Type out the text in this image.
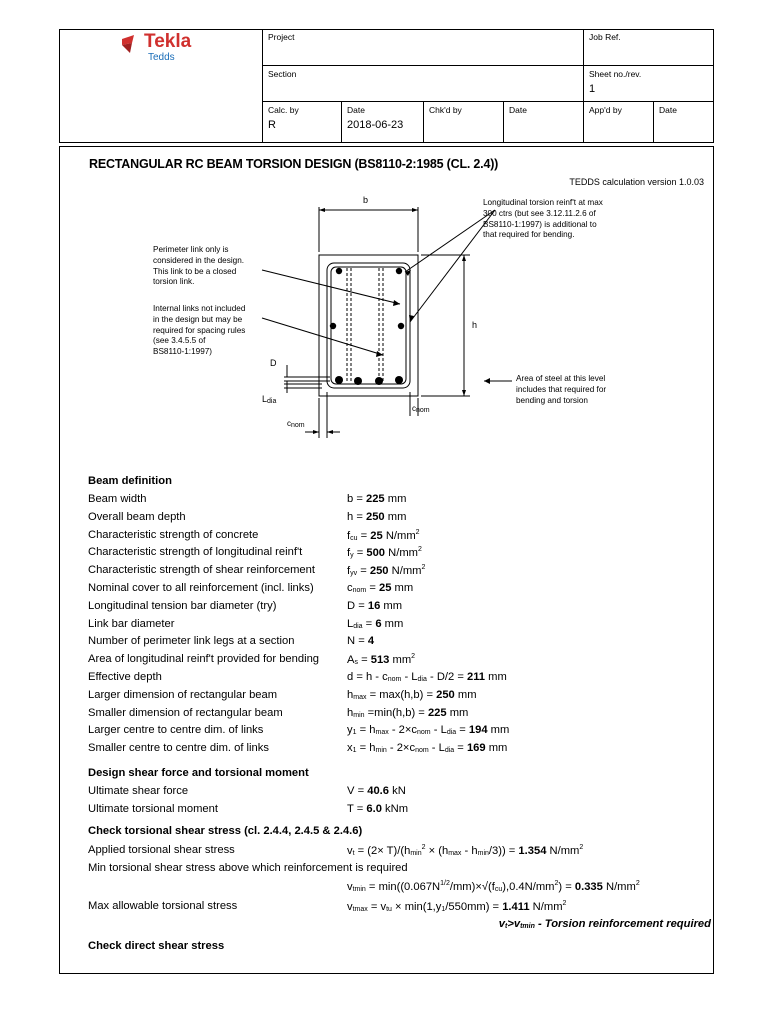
Tekla
Tedds
Project	Job Ref.
Section	Sheet no./rev.
1
Calc. by
R
Date
2018-06-23
Chk'd by	Date	App'd by	Date
RECTANGULAR RC BEAM TORSION DESIGN (BS8110-2:1985 (CL. 2.4))
TEDDS calculation version 1.0.03
b
h
D
$L_{dia}$
$c_{nom}$
$c_{nom}$
Perimeter link only is
considered in the design.
This link to be a closed
torsion link.
Internal links not included
in the design but may be
required for spacing rules
(see 3.4.5.5 of
BS8110-1:1997)
Longitudinal torsion reinf't at max
300 ctrs (but see 3.12.11.2.6 of
BS8110-1:1997) is additional to
that required for bending.
Area of steel at this level
includes that required for
bending and torsion
Beam definition
Beam width	b = 225 mm
Overall beam depth	h = 250 mm
Characteristic strength of concrete	$f_{cu} = 25$ $N/mm^2$
Characteristic strength of longitudinal reinf't	$f_y = 500$ $N/mm^2$
Characteristic strength of shear reinforcement	$f_{yv} = 250$ $N/mm^2$
Nominal cover to all reinforcement (incl. links)	$c_{nom} = 25$ mm
Longitudinal tension bar diameter (try)	D = 16 mm
Link bar diameter	$L_{dia} = 6$ mm
Number of perimeter link legs at a section	N = 4
Area of longitudinal reinf't provided for bending $A_s = 513$ $mm^2$
Effective depth	$d = h - c_{nom} - L_{dia} - D/2 = 211$ mm
Larger dimension of rectangular beam	$h_{max} = \max(h,b) = 250$ mm
Smaller dimension of rectangular beam	$h_{min} =\min(h,b) = 225$ mm
Larger centre to centre dim. of links	$y_1 = h_{max} - 2\times c_{nom} - L_{dia} = 194$ mm
Smaller centre to centre dim. of links	$x_1 = h_{min} - 2\times c_{nom} - L_{dia} = 169$ mm
Design shear force and torsional moment
Ultimate shear force	V = 40.6 kN
Ultimate torsional moment	T = 6.0 kNm
Check torsional shear stress (cl. 2.4.4, 2.4.5 & 2.4.6)
Applied torsional shear stress	$v_t = (2\times T)/(h_{min}^2 \times (h_{max} - h_{min}/3)) = 1.354$ $N/mm^2$
Min torsional shear stress above which reinforcement is required
$v_{tmin} = \min((0.067N^{1/2}/mm)\times√(f_{cu}),0.4N/mm^2) = 0.335$ $N/mm^2$
Max allowable torsional stress	$v_{tmax} = v_{tu} \times \min(1,y_1/550mm) = 1.411$ $N/mm^2$
$v_t>v_{tmin}$ - Torsion reinforcement required
Check direct shear stress
